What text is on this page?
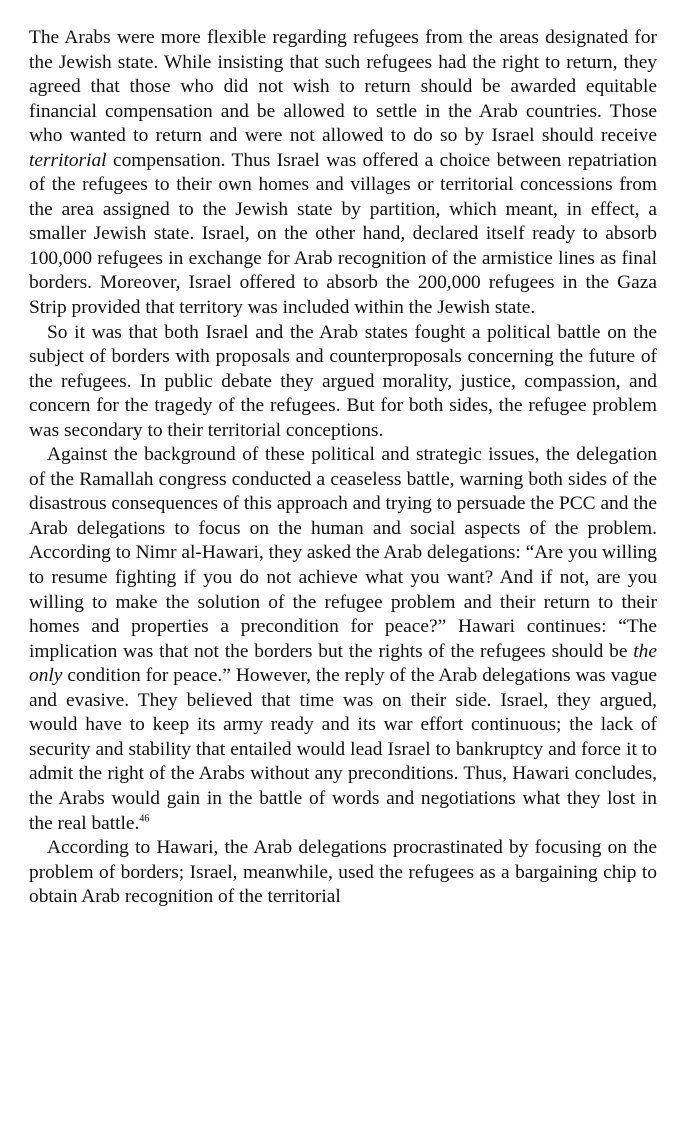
The Arabs were more flexible regarding refugees from the areas designated for the Jewish state. While insisting that such refugees had the right to return, they agreed that those who did not wish to return should be awarded equitable financial compensation and be allowed to settle in the Arab countries. Those who wanted to return and were not allowed to do so by Israel should receive territorial compensation. Thus Israel was offered a choice between repatriation of the refugees to their own homes and villages or territorial concessions from the area assigned to the Jewish state by partition, which meant, in effect, a smaller Jewish state. Israel, on the other hand, declared itself ready to absorb 100,000 refugees in exchange for Arab recognition of the armistice lines as final borders. Moreover, Israel offered to absorb the 200,000 refugees in the Gaza Strip provided that territory was included within the Jewish state.

So it was that both Israel and the Arab states fought a political battle on the subject of borders with proposals and counterproposals concerning the future of the refugees. In public debate they argued morality, justice, compassion, and concern for the tragedy of the refugees. But for both sides, the refugee problem was secondary to their territorial conceptions.

Against the background of these political and strategic issues, the delegation of the Ramallah congress conducted a ceaseless battle, warning both sides of the disastrous consequences of this approach and trying to persuade the PCC and the Arab delegations to focus on the human and social aspects of the problem. According to Nimr al-Hawari, they asked the Arab delegations: “Are you willing to resume fighting if you do not achieve what you want? And if not, are you willing to make the solution of the refugee problem and their return to their homes and properties a precondition for peace?” Hawari continues: “The implication was that not the borders but the rights of the refugees should be the only condition for peace.” However, the reply of the Arab delegations was vague and evasive. They believed that time was on their side. Israel, they argued, would have to keep its army ready and its war effort continuous; the lack of security and stability that entailed would lead Israel to bankruptcy and force it to admit the right of the Arabs without any preconditions. Thus, Hawari concludes, the Arabs would gain in the battle of words and negotiations what they lost in the real battle.$^{46}$

According to Hawari, the Arab delegations procrastinated by focusing on the problem of borders; Israel, meanwhile, used the refugees as a bargaining chip to obtain Arab recognition of the territorial
